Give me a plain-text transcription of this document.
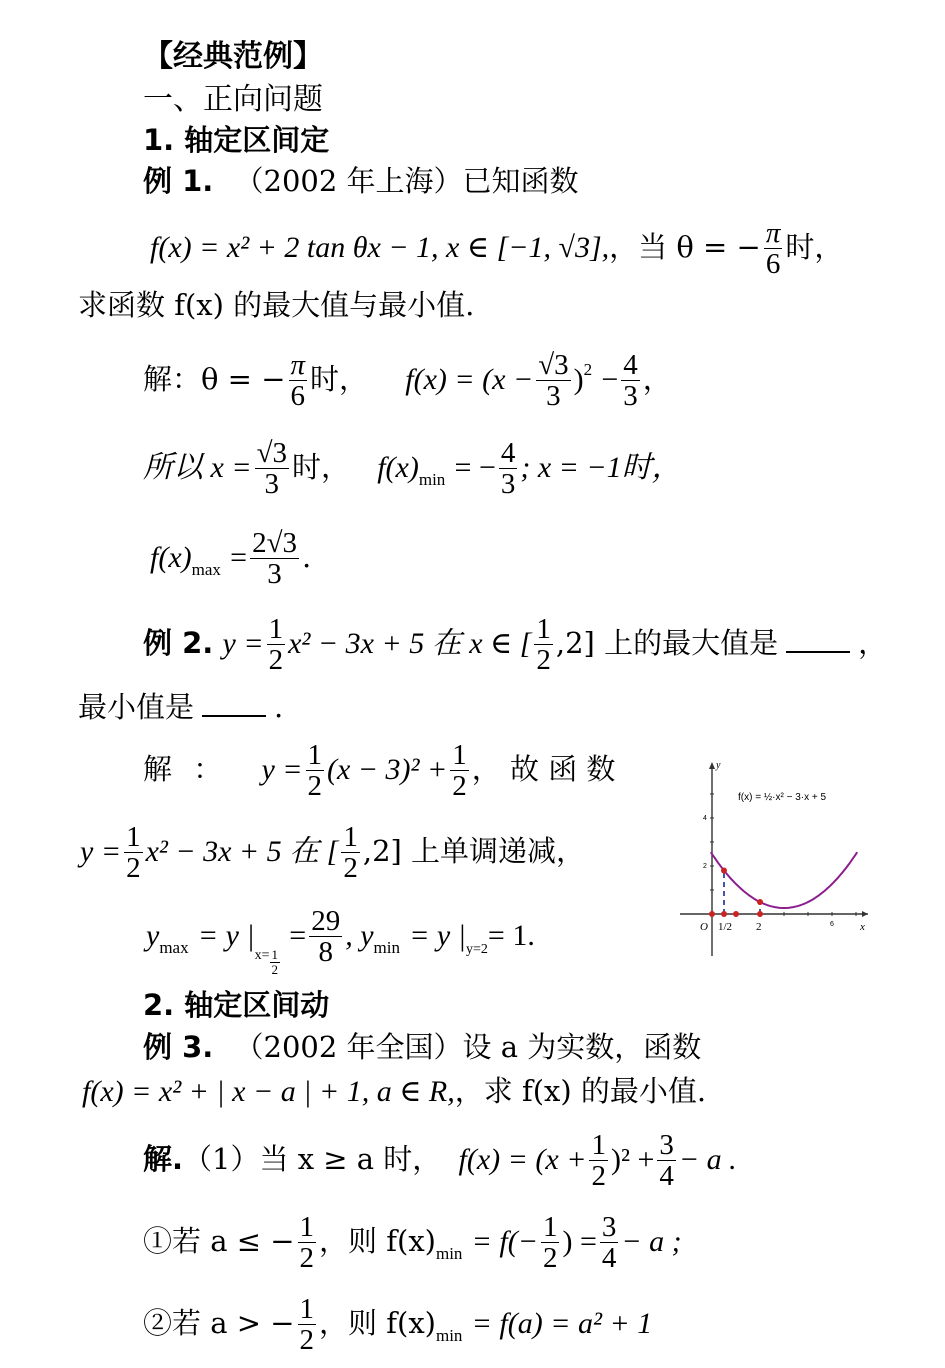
【经典范例】
一、正向问题
1. 轴定区间定
例 1. （2002 年上海）已知函数
f(x) = x² + 2 tan θx − 1, x ∈ [−1, √3],，当 θ = − $\frac{\pi}{6}$ 时，
求函数 f(x) 的最大值与最小值.
解：θ = − $\frac{\pi}{6}$ 时， $f(x) = (x - \frac{√3}{3} )^2 - \frac{4}{3}$ ，
所以 $x = \frac{√3}{3}$ 时， $f(x)_{min}$ = − $\frac{4}{3}$ ; x = −1时，
$f(x)_{max} = \frac{2√3}{3}$ .
例 2. $y = \frac{1}{2} x^2 - 3x + 5$ 在 x ∈ [ $\frac{1}{2} ,2$] 上的最大值是	，
最小值是	.
解 ： $y = \frac{1}{2} (x - 3)^2 + \frac{1}{2}$ ， 故 函 数
$y = \frac{1}{2} x^2 - 3x + 5$ 在 [ $\frac{1}{2} ,2$] 上单调递减，
$y_{max} = y$ $|_{x=} \frac{1}{2}$
= $\frac{29}{8}$ , $y_{min} = y$ $|_{y=2}= 1$.
f(x) = ½·x² − 3·x + 5
y
x
O 1/2 2	6
4
2
2. 轴定区间动
例 3. （2002 年全国）设 a 为实数，函数
f(x) = x² + | x − a | + 1, a ∈ R,，求 f(x) 的最小值.
解.（1）当 x ≥ a 时， $f(x) = (x + \frac{1}{2} )^2 + \frac{3}{4} - a$ .
①若 a ≤ − $\frac{1}{2}$ ，则 $f(x)_{min} = f(- \frac{1}{2}$ ) = $\frac{3}{4} - a$ ;
②若 a > − $\frac{1}{2}$ ，则 $f(x)_{min} = f(a) = a^2 + 1$
